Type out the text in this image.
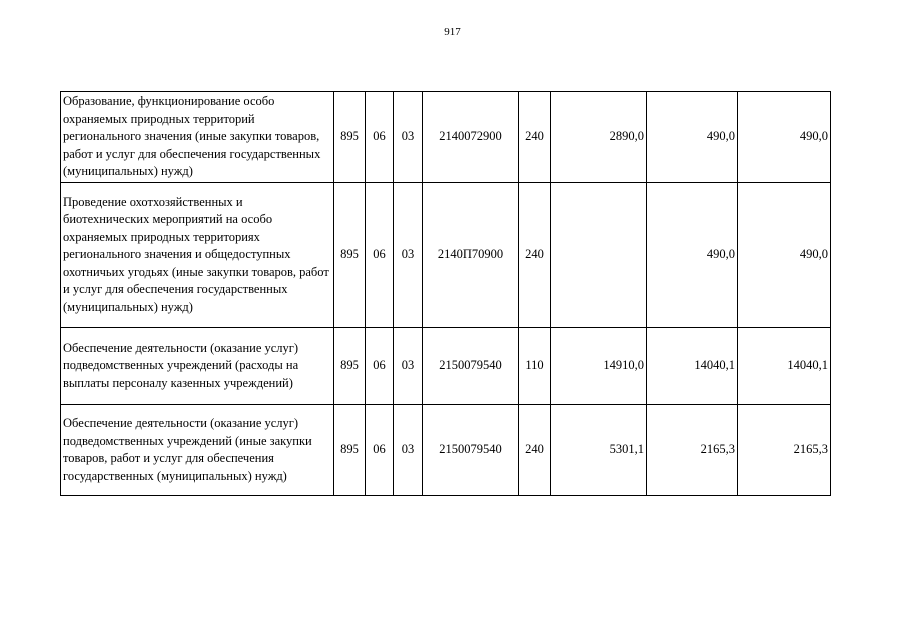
917
Образование, функционирование особо охраняемых природных территорий регионального значения (иные закупки товаров, работ и услуг для обеспечения государственных (муниципальных) нужд)	895	06	03	2140072900	240	2890,0	490,0	490,0
Проведение охотхозяйственных и биотехнических мероприятий на особо охраняемых природных территориях регионального значения и общедоступных охотничьих угодьях (иные закупки товаров, работ и услуг для обеспечения государственных (муниципальных) нужд)	895	06	03	2140П70900	240		490,0	490,0
Обеспечение деятельности (оказание услуг) подведомственных учреждений (расходы на выплаты персоналу казенных учреждений)	895	06	03	2150079540	110	14910,0	14040,1	14040,1
Обеспечение деятельности (оказание услуг) подведомственных учреждений (иные закупки товаров, работ и услуг для обеспечения государственных (муниципальных) нужд)	895	06	03	2150079540	240	5301,1	2165,3	2165,3
